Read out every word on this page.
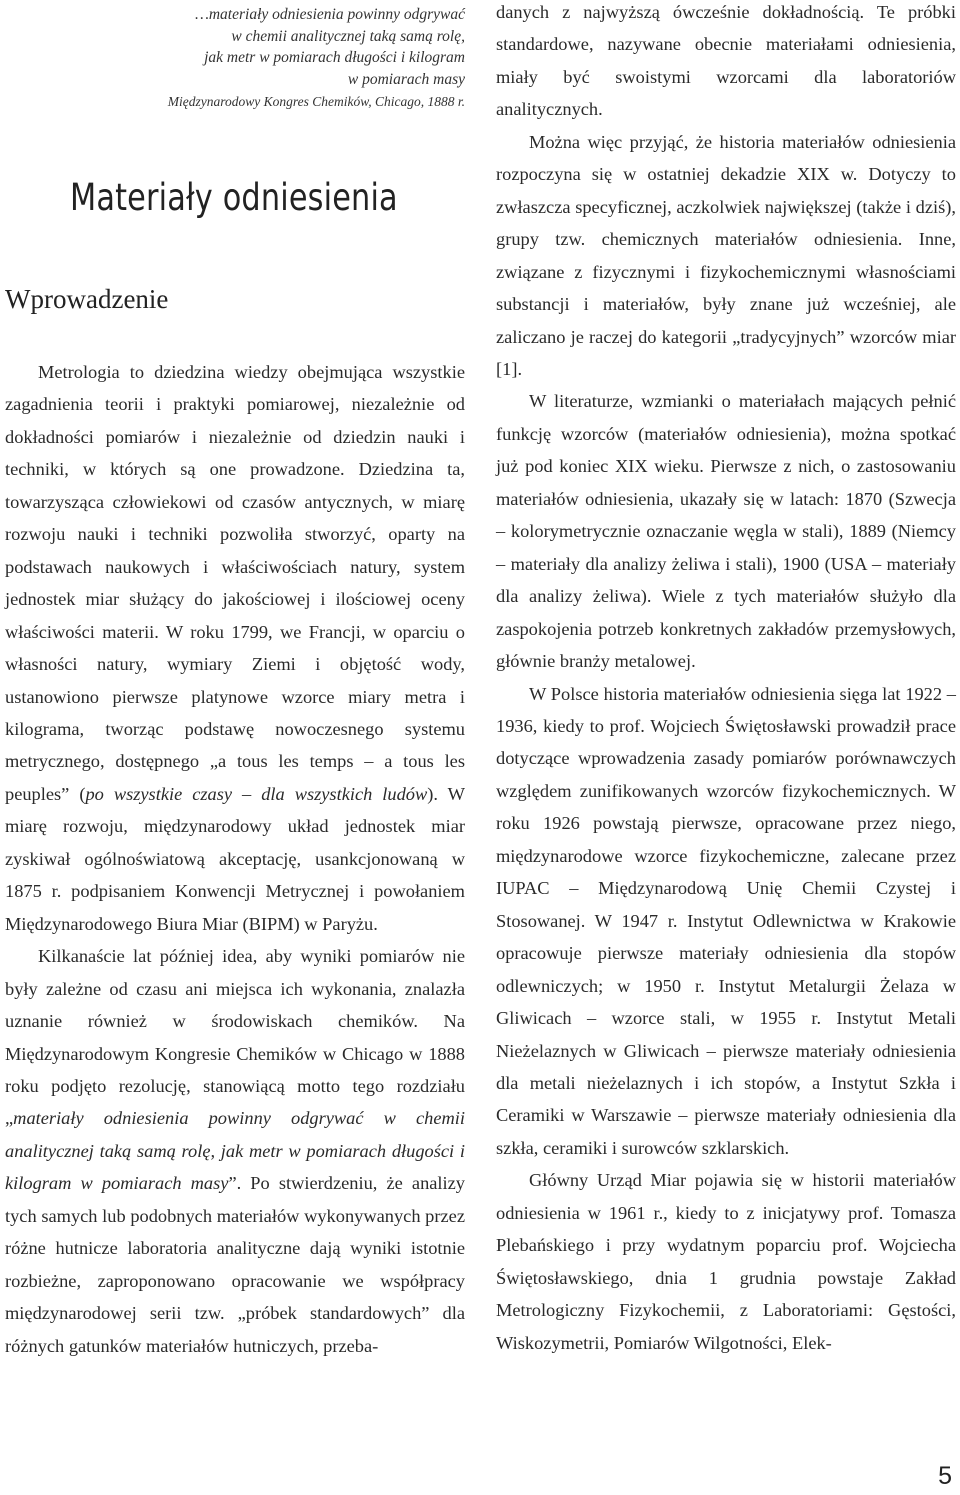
…materiały odniesienia powinny odgrywać
w chemii analitycznej taką samą rolę,
jak metr w pomiarach długości i kilogram
w pomiarach masy
Międzynarodowy Kongres Chemików, Chicago, 1888 r.
Materiały odniesienia
Wprowadzenie

Metrologia to dziedzina wiedzy obejmująca wszystkie zagadnienia teorii i praktyki pomiarowej, niezależnie od dokładności pomiarów i niezależnie od dziedzin nauki i techniki, w których są one prowadzone. Dziedzina ta, towarzysząca człowiekowi od czasów antycznych, w miarę rozwoju nauki i techniki pozwoliła stworzyć, oparty na podstawach naukowych i właściwościach natury, system jednostek miar służący do jakościowej i ilościowej oceny właściwości materii. W roku 1799, we Francji, w oparciu o własności natury, wymiary Ziemi i objętość wody, ustanowiono pierwsze platynowe wzorce miary metra i kilograma, tworząc podstawę nowoczesnego systemu metrycznego, dostępnego „a tous les temps – a tous les peuples” (po wszystkie czasy – dla wszystkich ludów). W miarę rozwoju, międzynarodowy układ jednostek miar zyskiwał ogólnoświatową akceptację, usankcjonowaną w 1875 r. podpisaniem Konwencji Metrycznej i powołaniem Międzynarodowego Biura Miar (BIPM) w Paryżu.

Kilkanaście lat później idea, aby wyniki pomiarów nie były zależne od czasu ani miejsca ich wykonania, znalazła uznanie również w środowiskach chemików. Na Międzynarodowym Kongresie Chemików w Chicago w 1888 roku podjęto rezolucję, stanowiącą motto tego rozdziału „materiały odniesienia powinny odgrywać w chemii analitycznej taką samą rolę, jak metr w pomiarach długości i kilogram w pomiarach masy”. Po stwierdzeniu, że analizy tych samych lub podobnych materiałów wykonywanych przez różne hutnicze laboratoria analityczne dają wyniki istotnie rozbieżne, zaproponowano opracowanie we współpracy międzynarodowej serii tzw. „próbek standardowych” dla różnych gatunków materiałów hutniczych, przeba-

danych z najwyższą ówcześnie dokładnością. Te próbki standardowe, nazywane obecnie materiałami odniesienia, miały być swoistymi wzorcami dla laboratoriów analitycznych.

Można więc przyjąć, że historia materiałów odniesienia rozpoczyna się w ostatniej dekadzie XIX w. Dotyczy to zwłaszcza specyficznej, aczkolwiek największej (także i dziś), grupy tzw. chemicznych materiałów odniesienia. Inne, związane z fizycznymi i fizykochemicznymi własnościami substancji i materiałów, były znane już wcześniej, ale zaliczano je raczej do kategorii „tradycyjnych” wzorców miar [1].

W literaturze, wzmianki o materiałach mających pełnić funkcję wzorców (materiałów odniesienia), można spotkać już pod koniec XIX wieku. Pierwsze z nich, o zastosowaniu materiałów odniesienia, ukazały się w latach: 1870 (Szwecja – kolorymetrycznie oznaczanie węgla w stali), 1889 (Niemcy – materiały dla analizy żeliwa i stali), 1900 (USA – materiały dla analizy żeliwa). Wiele z tych materiałów służyło dla zaspokojenia potrzeb konkretnych zakładów przemysłowych, głównie branży metalowej.

W Polsce historia materiałów odniesienia sięga lat 1922 – 1936, kiedy to prof. Wojciech Świętosławski prowadził prace dotyczące wprowadzenia zasady pomiarów porównawczych względem zunifikowanych wzorców fizykochemicznych. W roku 1926 powstają pierwsze, opracowane przez niego, międzynarodowe wzorce fizykochemiczne, zalecane przez IUPAC – Międzynarodową Unię Chemii Czystej i Stosowanej. W 1947 r. Instytut Odlewnictwa w Krakowie opracowuje pierwsze materiały odniesienia dla stopów odlewniczych; w 1950 r. Instytut Metalurgii Żelaza w Gliwicach – wzorce stali, w 1955 r. Instytut Metali Nieżelaznych w Gliwicach – pierwsze materiały odniesienia dla metali nieżelaznych i ich stopów, a Instytut Szkła i Ceramiki w Warszawie – pierwsze materiały odniesienia dla szkła, ceramiki i surowców szklarskich.

Główny Urząd Miar pojawia się w historii materiałów odniesienia w 1961 r., kiedy to z inicjatywy prof. Tomasza Plebańskiego i przy wydatnym poparciu prof. Wojciecha Świętosławskiego, dnia 1 grudnia powstaje Zakład Metrologiczny Fizykochemii, z Laboratoriami: Gęstości, Wiskozymetrii, Pomiarów Wilgotności, Elek-

5
